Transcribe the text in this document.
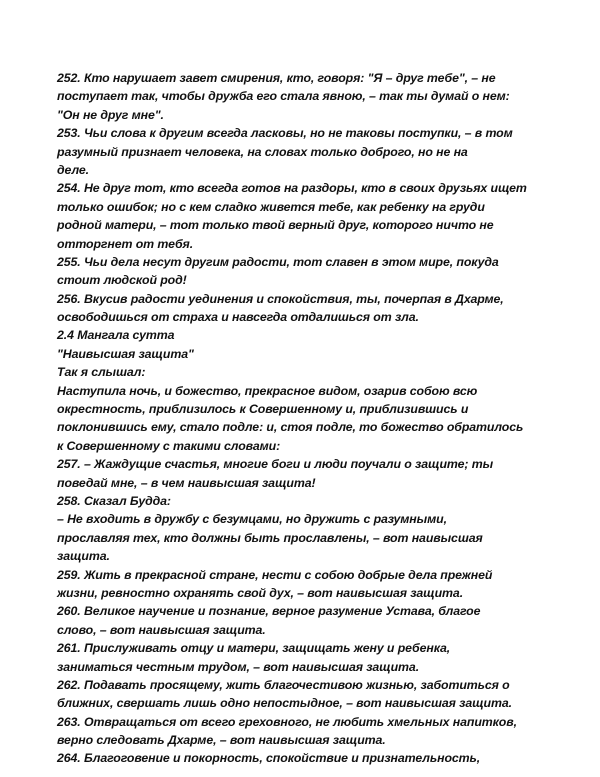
252. Кто нарушает завет смирения, кто, говоря: "Я – друг тебе", – не
поступает так, чтобы дружба его стала явною, – так ты думай о нем:
"Он не друг мне".
253. Чьи слова к другим всегда ласковы, но не таковы поступки, – в том
разумный признает человека, на словах только доброго, но не на
деле.
254. Не друг тот, кто всегда готов на раздоры, кто в своих друзьях ищет
только ошибок; но с кем сладко живется тебе, как ребенку на груди
родной матери, – тот только твой верный друг, которого ничто не
отторгнет от тебя.
255. Чьи дела несут другим радости, тот славен в этом мире, покуда
стоит людской род!
256. Вкусив радости уединения и спокойствия, ты, почерпая в Дхарме,
освободишься от страха и навсегда отдалишься от зла.
2.4 Мангала сутта
"Наивысшая защита"
Так я слышал:
Наступила ночь, и божество, прекрасное видом, озарив собою всю
окрестность, приблизилось к Совершенному и, приблизившись и
поклонившись ему, стало подле: и, стоя подле, то божество обратилось
к Совершенному с такими словами:
257. – Жаждущие счастья, многие боги и люди поучали о защите; ты
поведай мне, – в чем наивысшая защита!
258. Сказал Будда:
– Не входить в дружбу с безумцами, но дружить с разумными,
прославляя тех, кто должны быть прославлены, – вот наивысшая
защита.
259. Жить в прекрасной стране, нести с собою добрые дела прежней
жизни, ревностно охранять свой дух, – вот наивысшая защита.
260. Великое научение и познание, верное разумение Устава, благое
слово, – вот наивысшая защита.
261. Прислуживать отцу и матери, защищать жену и ребенка,
заниматься честным трудом, – вот наивысшая защита.
262. Подавать просящему, жить благочестивою жизнью, заботиться о
ближних, свершать лишь одно непостыдное, – вот наивысшая защита.
263. Отвращаться от всего греховного, не любить хмельных напитков,
верно следовать Дхарме, – вот наивысшая защита.
264. Благоговение и покорность, спокойствие и признательность,
